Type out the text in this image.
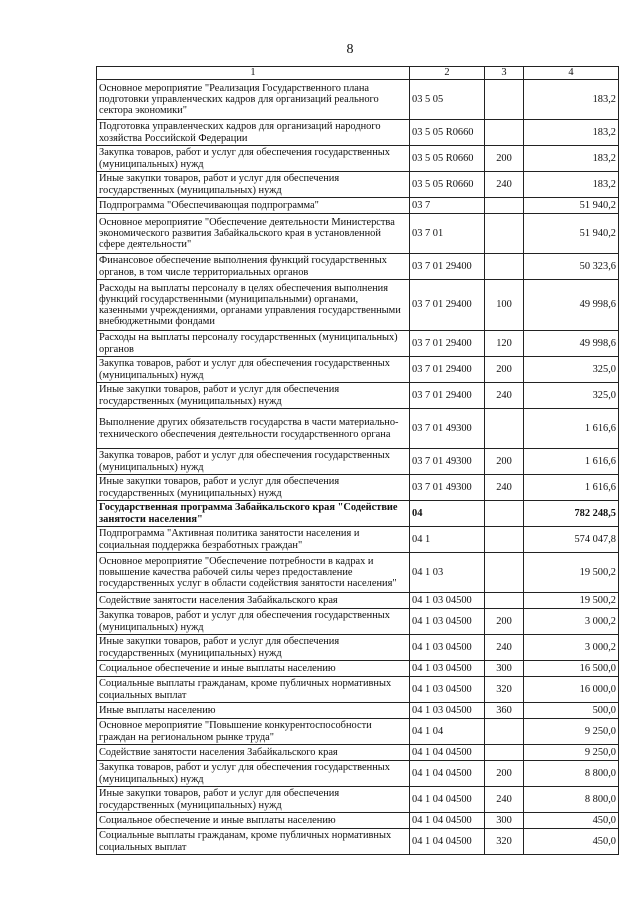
8
1	2	3	4
Основное мероприятие "Реализация Государственного плана подготовки управленческих кадров для организаций реального сектора экономики"	03 5 05		183,2
Подготовка управленческих кадров для организаций народного хозяйства Российской Федерации	03 5 05 R0660		183,2
Закупка товаров, работ и услуг для обеспечения государственных (муниципальных) нужд	03 5 05 R0660	200	183,2
Иные закупки товаров, работ и услуг для обеспечения государственных (муниципальных) нужд	03 5 05 R0660	240	183,2
Подпрограмма "Обеспечивающая подпрограмма"	03 7		51 940,2
Основное мероприятие "Обеспечение деятельности Министерства экономического развития Забайкальского края в установленной сфере деятельности"	03 7 01		51 940,2
Финансовое обеспечение выполнения функций государственных органов, в том числе территориальных органов	03 7 01 29400		50 323,6
Расходы на выплаты персоналу в целях обеспечения выполнения функций государственными (муниципальными) органами, казенными учреждениями, органами управления государственными внебюджетными фондами	03 7 01 29400	100	49 998,6
Расходы на выплаты персоналу государственных (муниципальных) органов	03 7 01 29400	120	49 998,6
Закупка товаров, работ и услуг для обеспечения государственных (муниципальных) нужд	03 7 01 29400	200	325,0
Иные закупки товаров, работ и услуг для обеспечения государственных (муниципальных) нужд	03 7 01 29400	240	325,0
Выполнение других обязательств государства в части материально-технического обеспечения деятельности государственного органа	03 7 01 49300		1 616,6
Закупка товаров, работ и услуг для обеспечения государственных (муниципальных) нужд	03 7 01 49300	200	1 616,6
Иные закупки товаров, работ и услуг для обеспечения государственных (муниципальных) нужд	03 7 01 49300	240	1 616,6
Государственная программа Забайкальского края "Содействие занятости населения"	04		782 248,5
Подпрограмма "Активная политика занятости населения и социальная поддержка безработных граждан"	04 1		574 047,8
Основное мероприятие "Обеспечение потребности в кадрах и повышение качества рабочей силы через предоставление государственных услуг в области содействия занятости населения"	04 1 03		19 500,2
Содействие занятости населения Забайкальского края	04 1 03 04500		19 500,2
Закупка товаров, работ и услуг для обеспечения государственных (муниципальных) нужд	04 1 03 04500	200	3 000,2
Иные закупки товаров, работ и услуг для обеспечения государственных (муниципальных) нужд	04 1 03 04500	240	3 000,2
Социальное обеспечение и иные выплаты населению	04 1 03 04500	300	16 500,0
Социальные выплаты гражданам, кроме публичных нормативных социальных выплат	04 1 03 04500	320	16 000,0
Иные выплаты населению	04 1 03 04500	360	500,0
Основное мероприятие "Повышение конкурентоспособности граждан на региональном рынке труда"	04 1 04		9 250,0
Содействие занятости населения Забайкальского края	04 1 04 04500		9 250,0
Закупка товаров, работ и услуг для обеспечения государственных (муниципальных) нужд	04 1 04 04500	200	8 800,0
Иные закупки товаров, работ и услуг для обеспечения государственных (муниципальных) нужд	04 1 04 04500	240	8 800,0
Социальное обеспечение и иные выплаты населению	04 1 04 04500	300	450,0
Социальные выплаты гражданам, кроме публичных нормативных социальных выплат	04 1 04 04500	320	450,0
